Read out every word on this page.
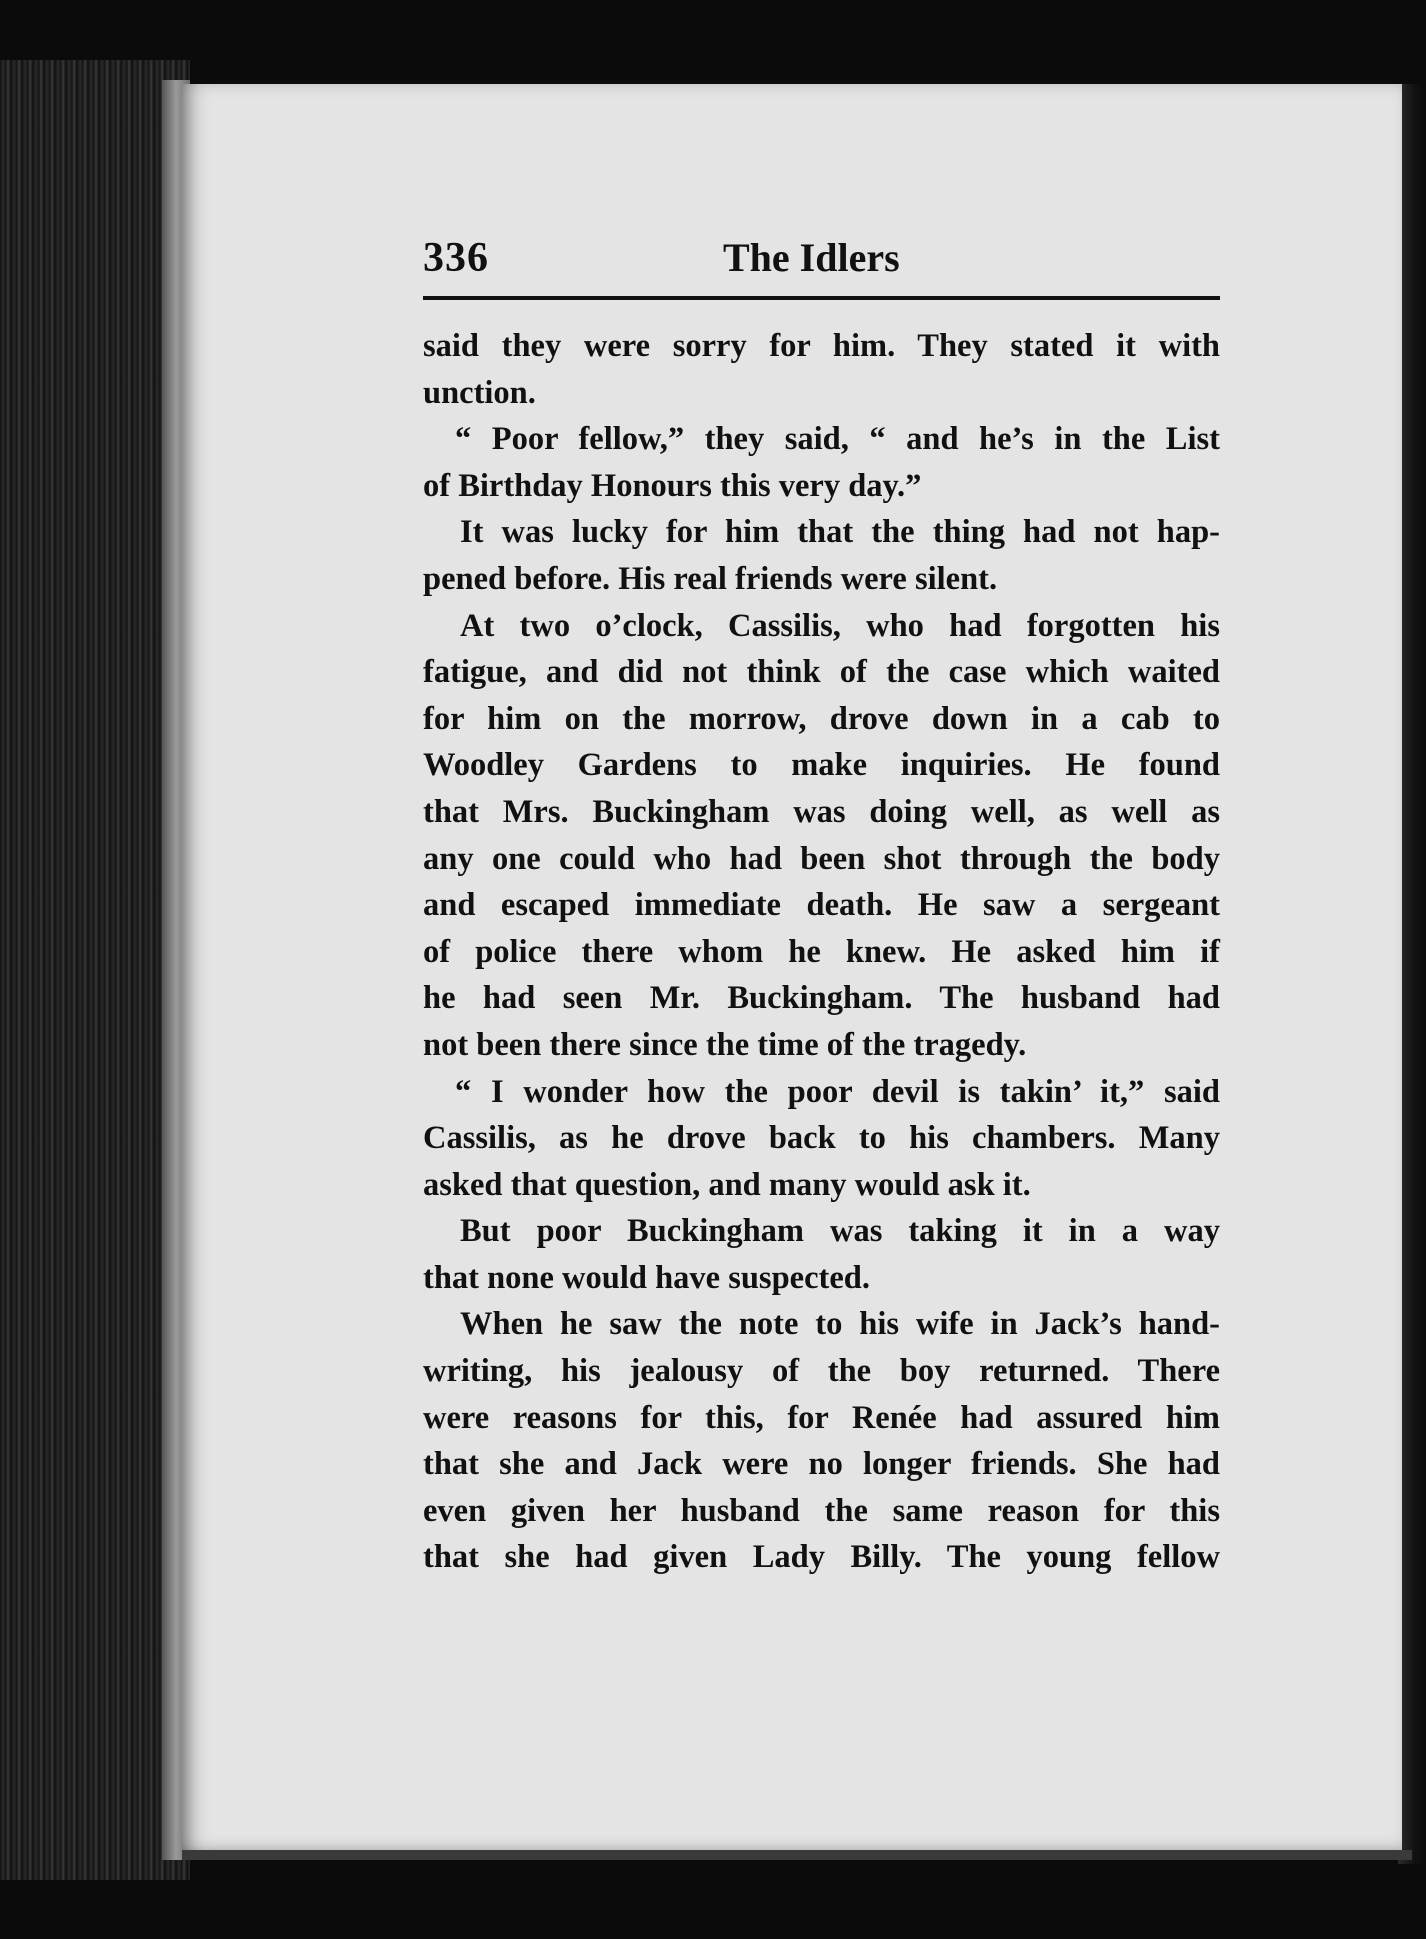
336	The Idlers
said they were sorry for him. They stated it with
unction.
“ Poor fellow,” they said, “ and he’s in the List
of Birthday Honours this very day.”
It was lucky for him that the thing had not hap-
pened before. His real friends were silent.
At two o’clock, Cassilis, who had forgotten his
fatigue, and did not think of the case which waited
for him on the morrow, drove down in a cab to
Woodley Gardens to make inquiries. He found
that Mrs. Buckingham was doing well, as well as
any one could who had been shot through the body
and escaped immediate death. He saw a sergeant
of police there whom he knew. He asked him if
he had seen Mr. Buckingham. The husband had
not been there since the time of the tragedy.
“ I wonder how the poor devil is takin’ it,” said
Cassilis, as he drove back to his chambers. Many
asked that question, and many would ask it.
But poor Buckingham was taking it in a way
that none would have suspected.
When he saw the note to his wife in Jack’s hand-
writing, his jealousy of the boy returned. There
were reasons for this, for Renée had assured him
that she and Jack were no longer friends. She had
even given her husband the same reason for this
that she had given Lady Billy. The young fellow
